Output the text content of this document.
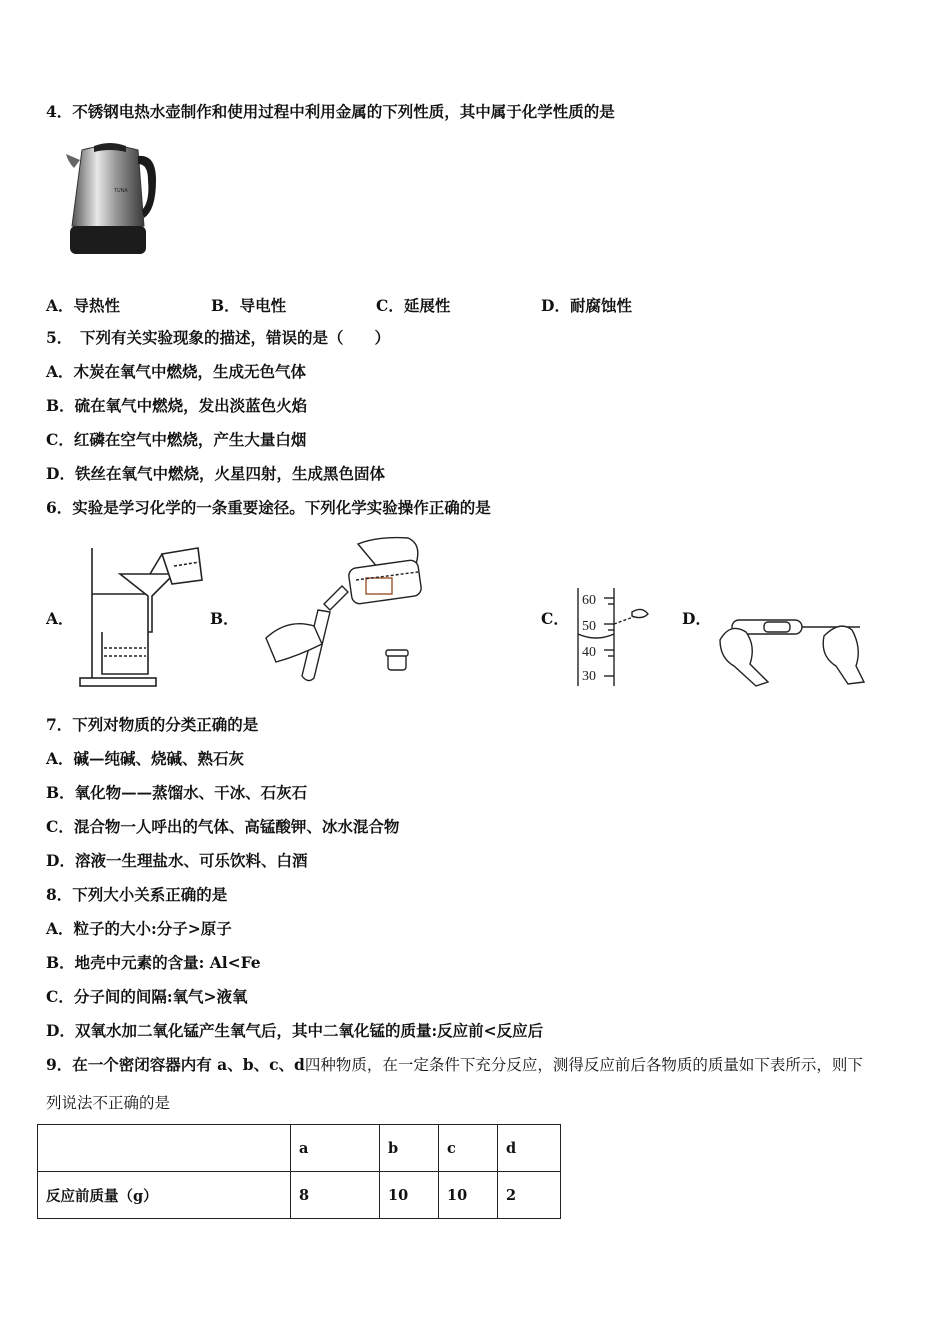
4．不锈钢电热水壶制作和使用过程中利用金属的下列性质，其中属于化学性质的是
TUNA
A．导热性	B．导电性	C．延展性	D．耐腐蚀性
5．　下列有关实验现象的描述，错误的是（　　）
A．木炭在氧气中燃烧，生成无色气体
B．硫在氧气中燃烧，发出淡蓝色火焰
C．红磷在空气中燃烧，产生大量白烟
D．铁丝在氧气中燃烧，火星四射，生成黑色固体
6．实验是学习化学的一条重要途径。下列化学实验操作正确的是
A．	B．	C．
60
50
40
30
D．
7．下列对物质的分类正确的是
A．碱—纯碱、烧碱、熟石灰
B．氧化物——蒸馏水、干冰、石灰石
C．混合物一人呼出的气体、高锰酸钾、冰水混合物
D．溶液一生理盐水、可乐饮料、白酒
8．下列大小关系正确的是
A．粒子的大小:分子>原子
B．地壳中元素的含量: Al<Fe
C．分子间的间隔:氧气>液氧
D．双氧水加二氧化锰产生氧气后，其中二氧化锰的质量:反应前<反应后
9．在一个密闭容器内有 a、b、c、d四种物质，在一定条件下充分反应，测得反应前后各物质的质量如下表所示，则下
列说法不正确的是
	a	b	c	d
反应前质量（g）	8	10	10	2
